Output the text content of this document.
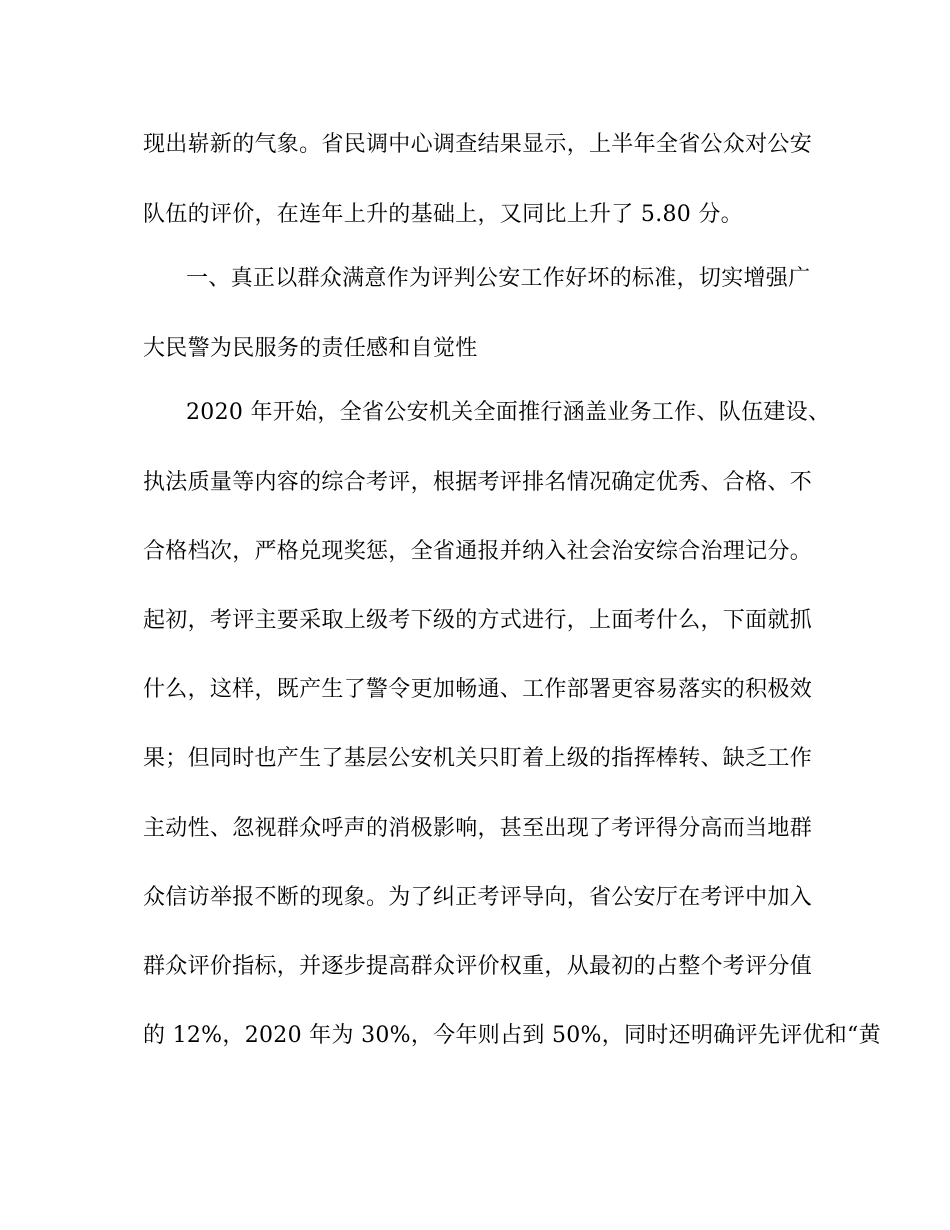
现出崭新的气象。省民调中心调查结果显示，上半年全省公众对公安
队伍的评价，在连年上升的基础上，又同比上升了 5.80 分。
一、真正以群众满意作为评判公安工作好坏的标准，切实增强广
大民警为民服务的责任感和自觉性
2020 年开始，全省公安机关全面推行涵盖业务工作、队伍建设、
执法质量等内容的综合考评，根据考评排名情况确定优秀、合格、不
合格档次，严格兑现奖惩，全省通报并纳入社会治安综合治理记分。
起初，考评主要采取上级考下级的方式进行，上面考什么，下面就抓
什么，这样，既产生了警令更加畅通、工作部署更容易落实的积极效
果；但同时也产生了基层公安机关只盯着上级的指挥棒转、缺乏工作
主动性、忽视群众呼声的消极影响，甚至出现了考评得分高而当地群
众信访举报不断的现象。为了纠正考评导向，省公安厅在考评中加入
群众评价指标，并逐步提高群众评价权重，从最初的占整个考评分值
的 12%，2020 年为 30%，今年则占到 50%，同时还明确评先评优和“黄
